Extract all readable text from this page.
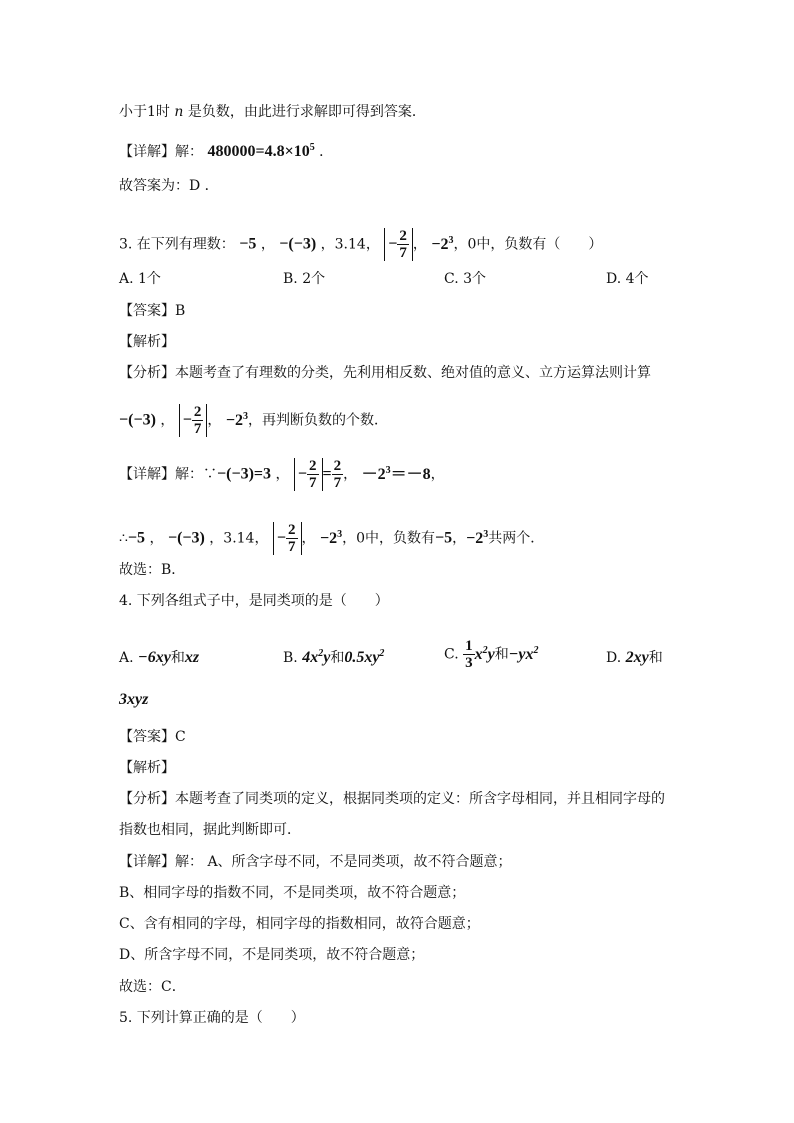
小于1时 n 是负数，由此进行求解即可得到答案．
【详解】解： $480000=4.8\times 10^5$ ．
故答案为：D ．
3. 在下列有理数： −5 ， −(−3) ，3.14， − $\frac{2}{7}$ ， $-2^3$，0中，负数有（　　）
A. 1个	B. 2个	C. 3个	D. 4个
【答案】B
【解析】
【分析】本题考查了有理数的分类，先利用相反数、绝对值的意义、立方运算法则计算
−(−3) ， − $\frac{2}{7}$ ， $-2^3$，再判断负数的个数．
【详解】解：∵−(−3)=3 ， − $\frac{2}{7} = \frac{2}{7}$ ， $-2^3=-8$，
∴−5 ， −(−3) ，3.14， − $\frac{2}{7}$ ， $-2^3$，0中，负数有−5，$-2^3$共两个．
故选：B．
4. 下列各组式子中，是同类项的是（　　）
A. −6xy和xz	B. $4x^2y$和$0.5xy^2$	C. $\frac{1}{3} x^2y$和$-yx^2$	D. 2xy和
3xyz
【答案】C
【解析】
【分析】本题考查了同类项的定义，根据同类项的定义：所含字母相同，并且相同字母的
指数也相同，据此判断即可．
【详解】解： A、所含字母不同，不是同类项，故不符合题意；
B、相同字母的指数不同，不是同类项，故不符合题意；
C、含有相同的字母，相同字母的指数相同，故符合题意；
D、所含字母不同，不是同类项，故不符合题意；
故选：C．
5. 下列计算正确的是（　　）
